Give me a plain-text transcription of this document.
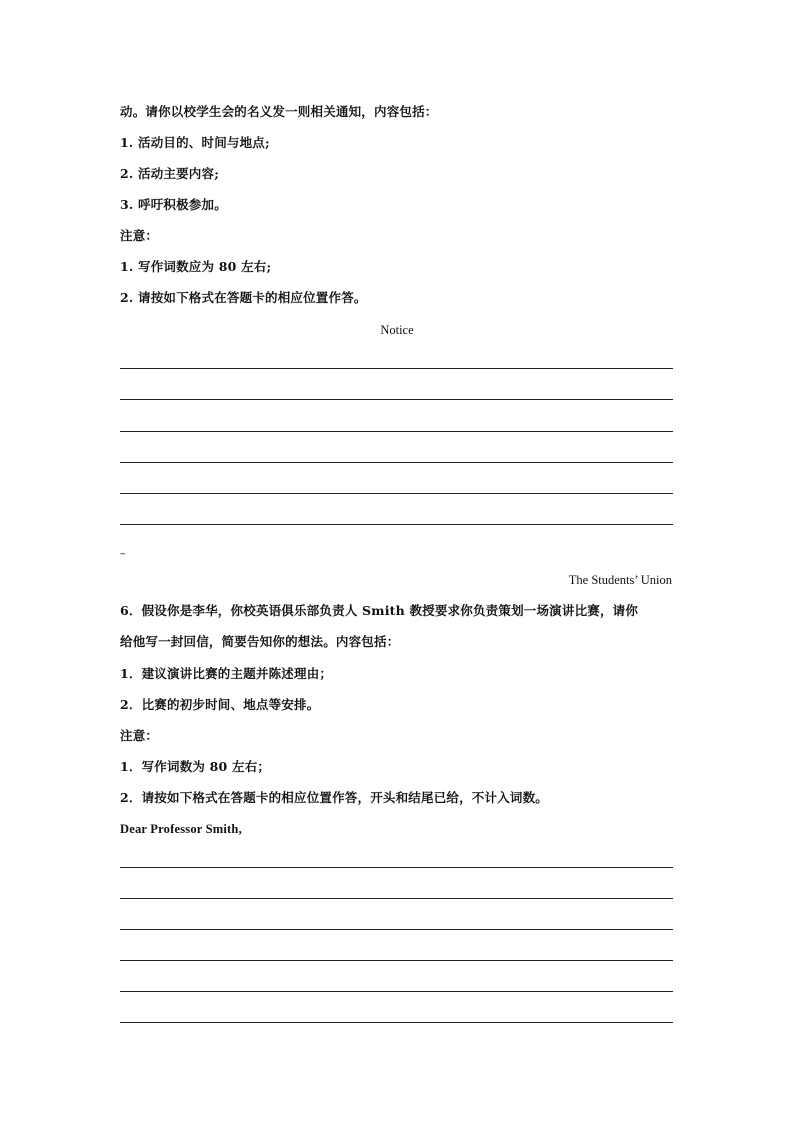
动。请你以校学生会的名义发一则相关通知，内容包括：
1. 活动目的、时间与地点;
2. 活动主要内容;
3. 呼吁积极参加。
注意：
1. 写作词数应为 80 左右;
2. 请按如下格式在答题卡的相应位置作答。
Notice
–
The Students’ Union
6．假设你是李华，你校英语俱乐部负责人 Smith 教授要求你负责策划一场演讲比赛，请你
给他写一封回信，简要告知你的想法。内容包括：
1．建议演讲比赛的主题并陈述理由；
2．比赛的初步时间、地点等安排。
注意：
1．写作词数为 80 左右；
2．请按如下格式在答题卡的相应位置作答，开头和结尾已给，不计入词数。
Dear Professor Smith,
